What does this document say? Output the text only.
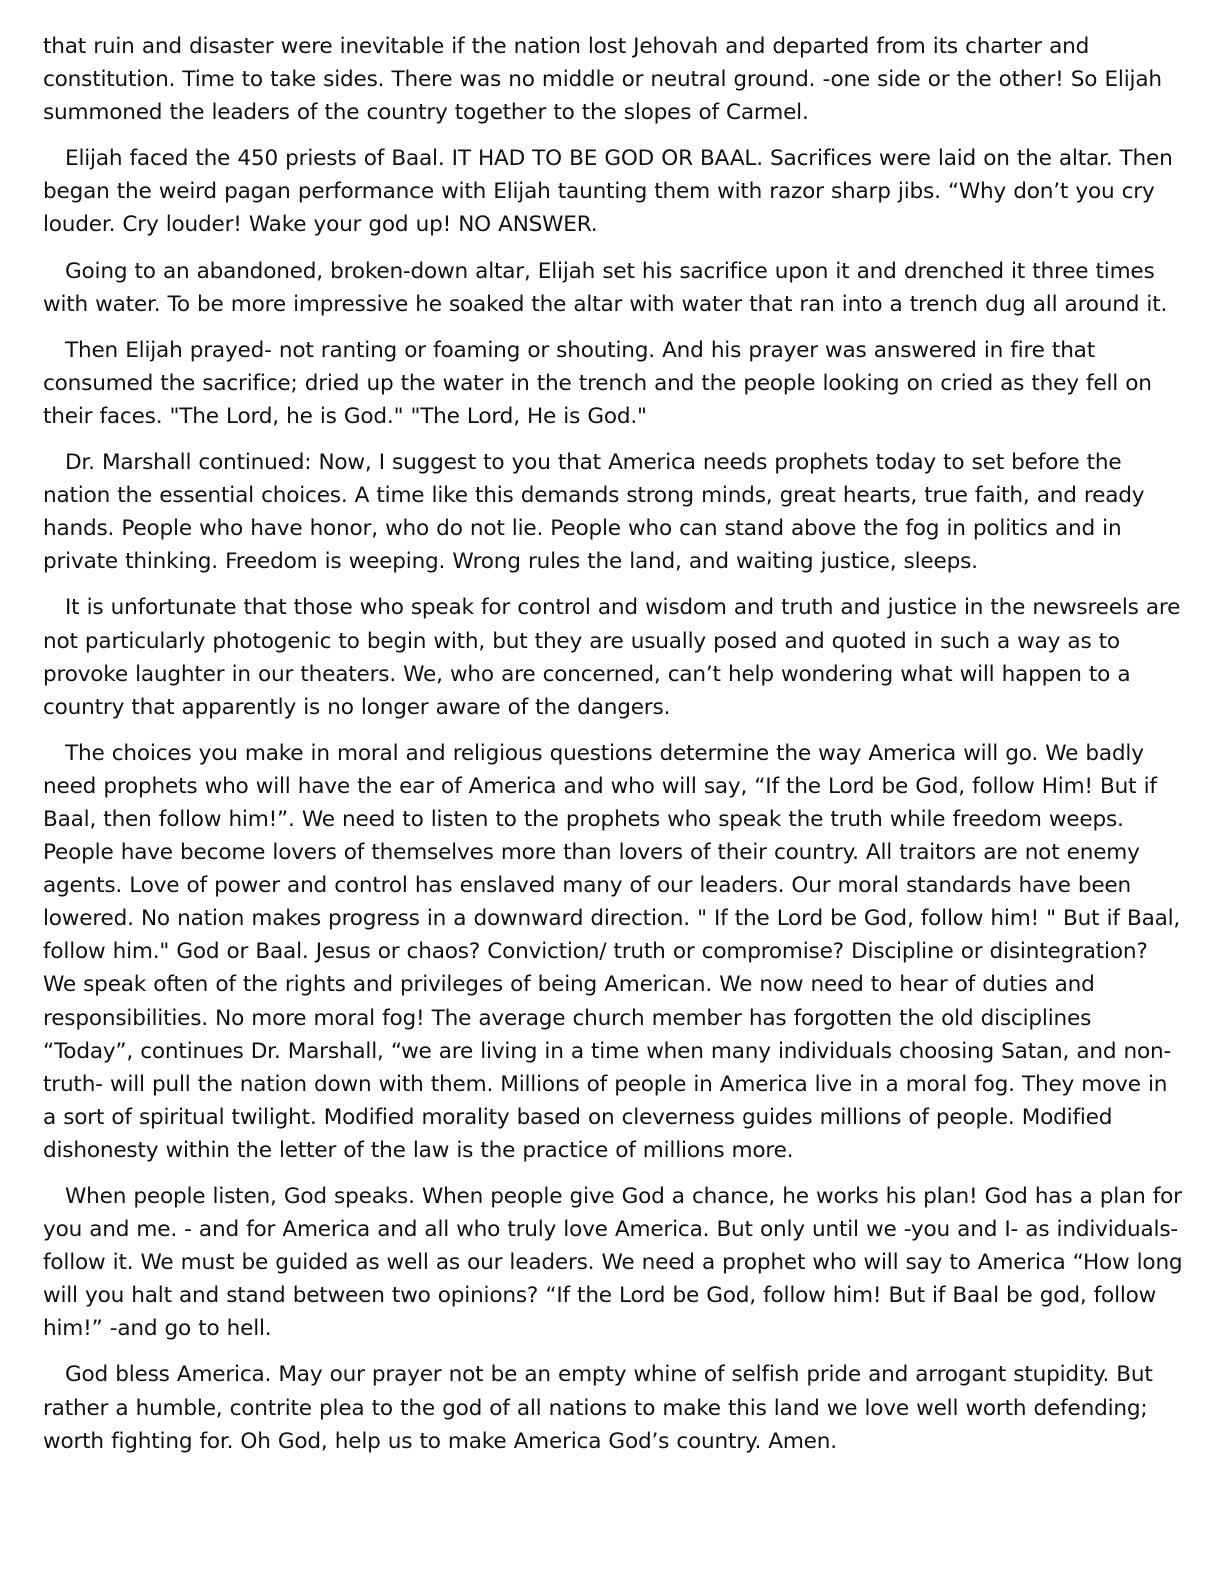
that ruin and disaster were inevitable if the nation lost Jehovah and departed from its charter and constitution. Time to take sides. There was no middle or neutral ground. -one side or the other! So Elijah summoned the leaders of the country together to the slopes of Carmel.

Elijah faced the 450 priests of Baal. IT HAD TO BE GOD OR BAAL. Sacrifices were laid on the altar. Then began the weird pagan performance with Elijah taunting them with razor sharp jibs. “Why don’t you cry louder. Cry louder! Wake your god up! NO ANSWER.

Going to an abandoned, broken-down altar, Elijah set his sacrifice upon it and drenched it three times with water. To be more impressive he soaked the altar with water that ran into a trench dug all around it.

Then Elijah prayed- not ranting or foaming or shouting. And his prayer was answered in fire that consumed the sacrifice; dried up the water in the trench and the people looking on cried as they fell on their faces. "The Lord, he is God." "The Lord, He is God."

Dr. Marshall continued: Now, I suggest to you that America needs prophets today to set before the nation the essential choices. A time like this demands strong minds, great hearts, true faith, and ready hands. People who have honor, who do not lie. People who can stand above the fog in politics and in private thinking. Freedom is weeping. Wrong rules the land, and waiting justice, sleeps.

It is unfortunate that those who speak for control and wisdom and truth and justice in the newsreels are not particularly photogenic to begin with, but they are usually posed and quoted in such a way as to provoke laughter in our theaters. We, who are concerned, can’t help wondering what will happen to a country that apparently is no longer aware of the dangers.

The choices you make in moral and religious questions determine the way America will go. We badly need prophets who will have the ear of America and who will say, “If the Lord be God, follow Him! But if Baal, then follow him!”. We need to listen to the prophets who speak the truth while freedom weeps. People have become lovers of themselves more than lovers of their country. All traitors are not enemy agents. Love of power and control has enslaved many of our leaders. Our moral standards have been lowered. No nation makes progress in a downward direction. " If the Lord be God, follow him! " But if Baal, follow him." God or Baal. Jesus or chaos? Conviction/ truth or compromise? Discipline or disintegration? We speak often of the rights and privileges of being American. We now need to hear of duties and responsibilities. No more moral fog! The average church member has forgotten the old disciplines “Today”, continues Dr. Marshall, “we are living in a time when many individuals choosing Satan, and non-truth- will pull the nation down with them. Millions of people in America live in a moral fog. They move in a sort of spiritual twilight. Modified morality based on cleverness guides millions of people. Modified dishonesty within the letter of the law is the practice of millions more.

When people listen, God speaks. When people give God a chance, he works his plan! God has a plan for you and me. - and for America and all who truly love America. But only until we -you and I- as individuals- follow it. We must be guided as well as our leaders. We need a prophet who will say to America “How long will you halt and stand between two opinions? “If the Lord be God, follow him! But if Baal be god, follow him!” -and go to hell.

God bless America. May our prayer not be an empty whine of selfish pride and arrogant stupidity. But rather a humble, contrite plea to the god of all nations to make this land we love well worth defending; worth fighting for. Oh God, help us to make America God’s country. Amen.
